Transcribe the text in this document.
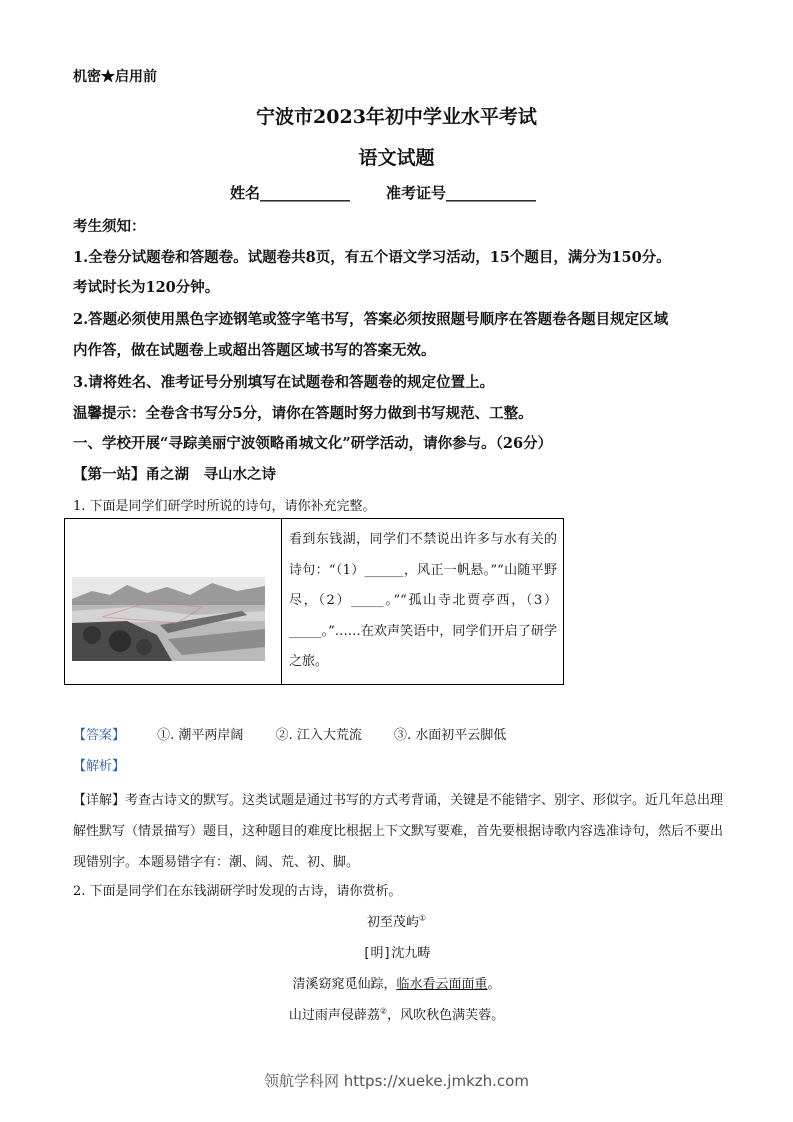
机密★启用前
宁波市2023年初中学业水平考试
语文试题
姓名____________ 准考证号____________
考生须知：
1.全卷分试题卷和答题卷。试题卷共8页，有五个语文学习活动，15个题目，满分为150分。
考试时长为120分钟。
2.答题必须使用黑色字迹钢笔或签字笔书写，答案必须按照题号顺序在答题卷各题目规定区域
内作答，做在试题卷上或超出答题区域书写的答案无效。
3.请将姓名、准考证号分别填写在试题卷和答题卷的规定位置上。
温馨提示：全卷含书写分5分，请你在答题时努力做到书写规范、工整。
一、学校开展“寻踪美丽宁波领略甬城文化”研学活动，请你参与。（26分）
【第一站】甬之湖　寻山水之诗
1. 下面是同学们研学时所说的诗句，请你补充完整。
看到东钱湖，同学们不禁说出许多与水有关的诗句：“（1）______，风正一帆悬。”“山随平野尽，（2）_____。”“孤山寺北贾亭西，（3）_____。”……在欢声笑语中，同学们开启了研学之旅。
【答案】 ①. 潮平两岸阔 ②. 江入大荒流 ③. 水面初平云脚低
【解析】
【详解】考查古诗文的默写。这类试题是通过书写的方式考背诵，关键是不能错字、别字、形似字。近几年总出理解性默写（情景描写）题目，这种题目的难度比根据上下文默写要难，首先要根据诗歌内容选准诗句，然后不要出现错别字。本题易错字有：潮、阔、荒、初、脚。
2. 下面是同学们在东钱湖研学时发现的古诗，请你赏析。
初至茂屿①
[明]沈九畴
清溪窈窕觅仙踪，临水看云面面重。
山过雨声侵薜荔②，风吹秋色满芙蓉。
领航学科网 https://xueke.jmkzh.com
